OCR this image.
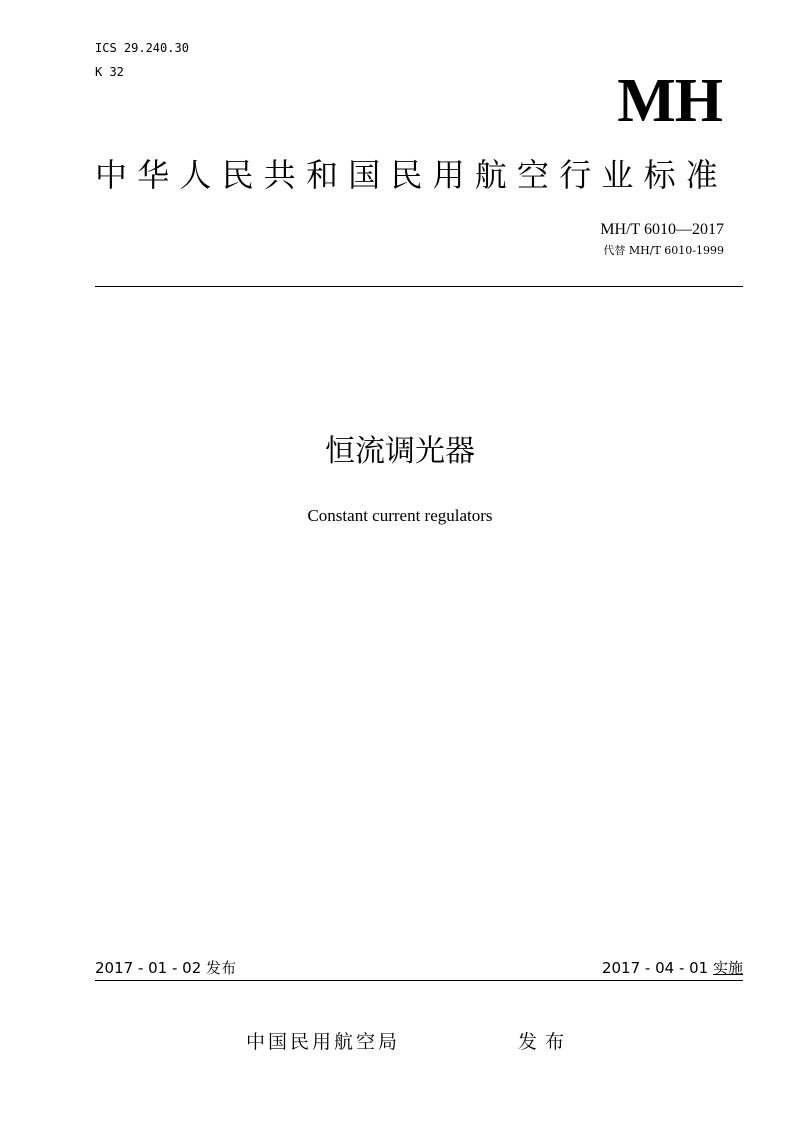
ICS 29.240.30
K 32	MH
中华人民共和国民用航空行业标准
MH/T 6010—2017
代替 MH/T 6010-1999
恒流调光器
Constant current regulators
2017 - 01 - 02 发布	2017 - 04 - 01 实施
中国民用航空局	发布
